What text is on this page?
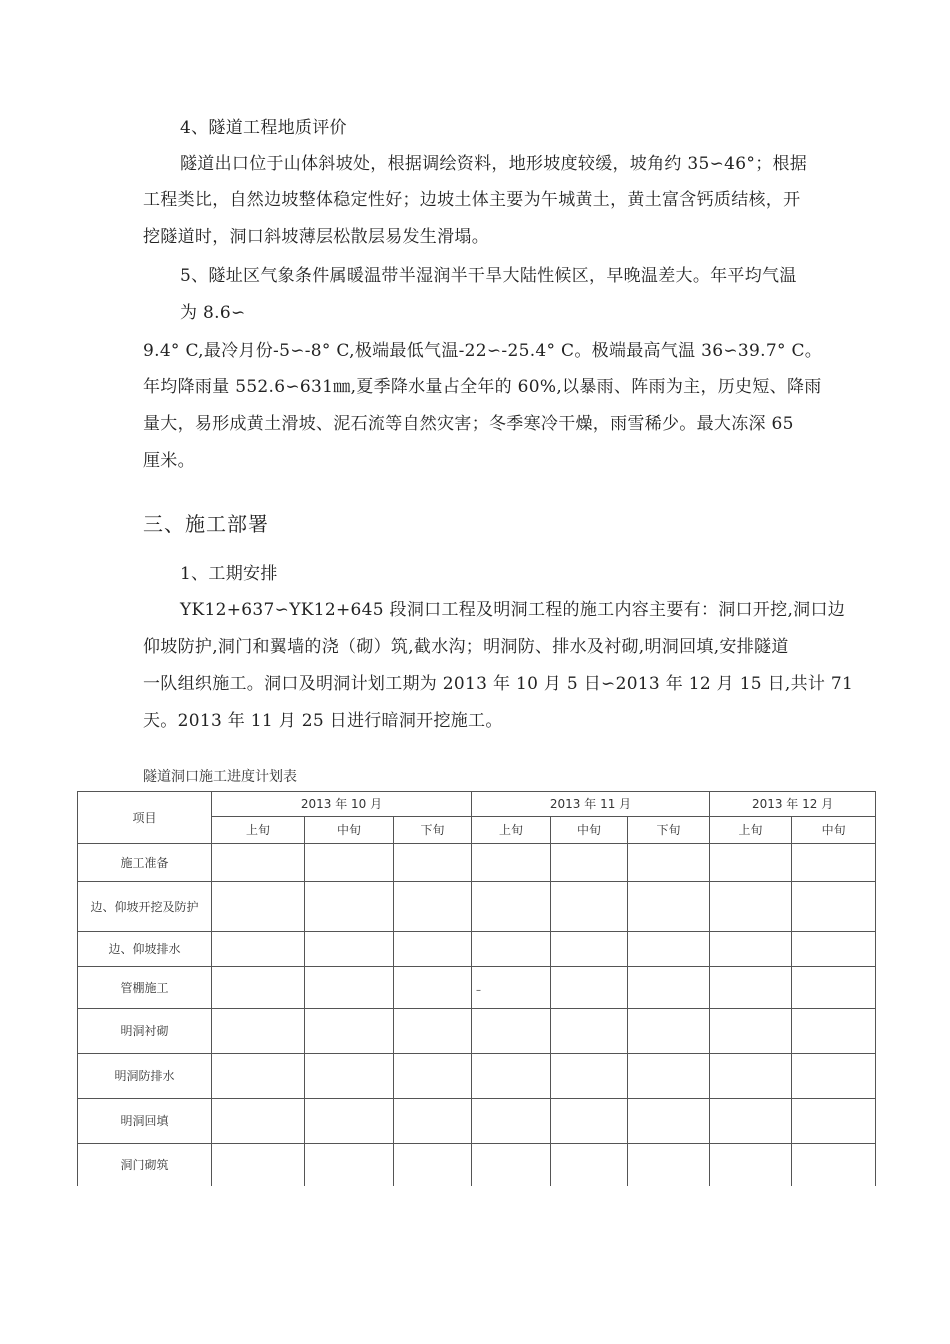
4、隧道工程地质评价

隧道出口位于山体斜坡处，根据调绘资料，地形坡度较缓，坡角约 35∽46°；根据

工程类比，自然边坡整体稳定性好；边坡土体主要为午城黄土，黄土富含钙质结核，开

挖隧道时，洞口斜坡薄层松散层易发生滑塌。

5、隧址区气象条件属暖温带半湿润半干旱大陆性候区，早晚温差大。年平均气温

为 8.6∽

9.4° C,最冷月份-5∽-8° C,极端最低气温-22∽-25.4° C。极端最高气温 36∽39.7° C。

年均降雨量 552.6∽631㎜,夏季降水量占全年的 60%,以暴雨、阵雨为主，历史短、降雨

量大，易形成黄土滑坡、泥石流等自然灾害；冬季寒冷干燥，雨雪稀少。最大冻深 65

厘米。

三、施工部署

1、工期安排

YK12+637∽YK12+645 段洞口工程及明洞工程的施工内容主要有：洞口开挖,洞口边

仰坡防护,洞门和翼墙的浇（砌）筑,截水沟；明洞防、排水及衬砌,明洞回填,安排隧道

一队组织施工。洞口及明洞计划工期为 2013 年 10 月 5 日∽2013 年 12 月 15 日,共计 71

天。2013 年 11 月 25 日进行暗洞开挖施工。

隧道洞口施工进度计划表

项目	2013 年 10 月			2013 年 11 月			2013 年 12 月	
	上旬	中旬	下旬	上旬	中旬	下旬	上旬	中旬
施工准备								
边、仰坡开挖及防护								
边、仰坡排水								
管棚施工				–				
明洞衬砌								
明洞防排水								
明洞回填								
洞门砌筑								
